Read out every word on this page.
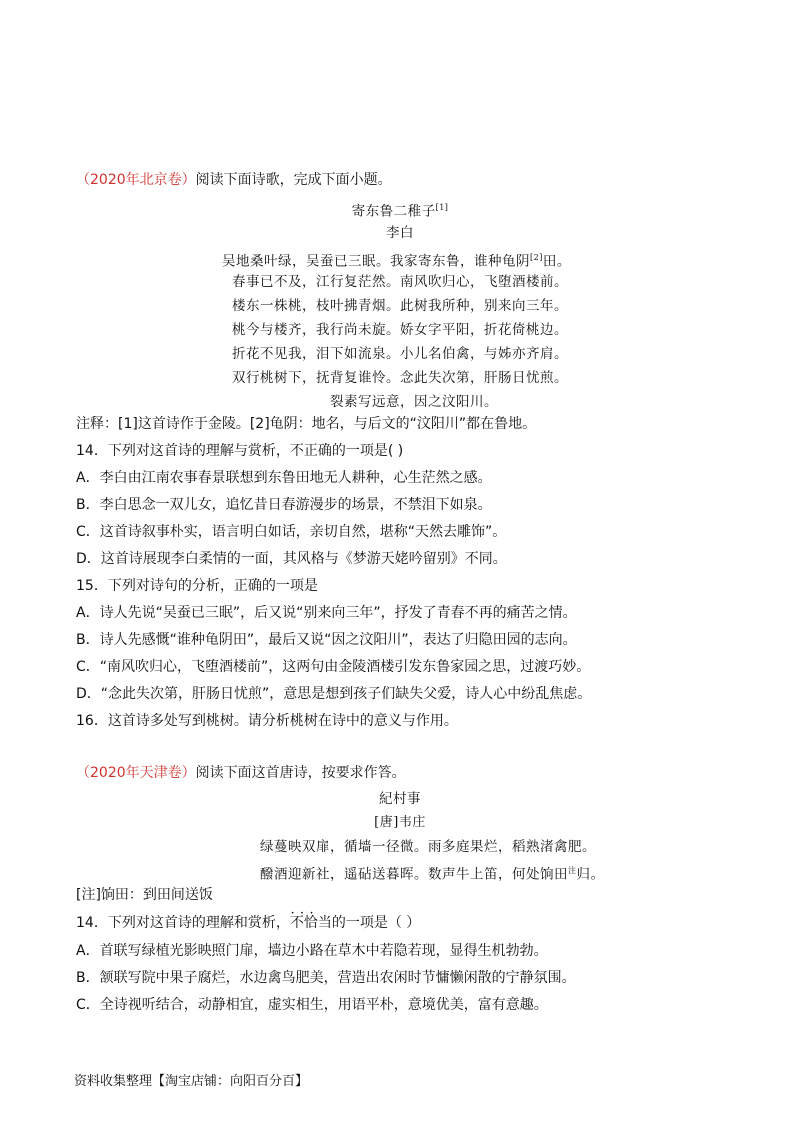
（2020年北京卷）阅读下面诗歌，完成下面小题。
寄东鲁二稚子[1]
李白
吴地桑叶绿，吴蚕已三眠。我家寄东鲁，谁种龟阴[2]田。
春事已不及，江行复茫然。南风吹归心，飞堕酒楼前。
楼东一株桃，枝叶拂青烟。此树我所种，别来向三年。
桃今与楼齐，我行尚未旋。娇女字平阳，折花倚桃边。
折花不见我，泪下如流泉。小儿名伯禽，与姊亦齐肩。
双行桃树下，抚背复谁怜。念此失次第，肝肠日忧煎。
裂素写远意，因之汶阳川。
注释：[1]这首诗作于金陵。[2]龟阴：地名，与后文的“汶阳川”都在鲁地。
14．下列对这首诗的理解与赏析，不正确的一项是( )
A．李白由江南农事春景联想到东鲁田地无人耕种，心生茫然之感。
B．李白思念一双儿女，追忆昔日春游漫步的场景，不禁泪下如泉。
C．这首诗叙事朴实，语言明白如话，亲切自然，堪称“天然去雕饰”。
D．这首诗展现李白柔情的一面，其风格与《梦游天姥吟留别》不同。
15．下列对诗句的分析，正确的一项是
A．诗人先说“吴蚕已三眠”，后又说“别来向三年”，抒发了青春不再的痛苦之情。
B．诗人先感慨“谁种龟阴田”，最后又说“因之汶阳川”，表达了归隐田园的志向。
C．“南风吹归心，飞堕酒楼前”，这两句由金陵酒楼引发东鲁家园之思，过渡巧妙。
D．“念此失次第，肝肠日忧煎”，意思是想到孩子们缺失父爱，诗人心中纷乱焦虑。
16．这首诗多处写到桃树。请分析桃树在诗中的意义与作用。
（2020年天津卷）阅读下面这首唐诗，按要求作答。
紀村事
[唐]韦庄
绿蔓映双扉，循墙一径微。雨多庭果烂，稻熟渚禽肥。
醱酒迎新社，遥砧送暮晖。数声牛上笛，何处饷田$^注$归。
[注]饷田：到田间送饭
14．下列对这首诗的理解和赏析，• • • 不恰当的一项是（ ）
A．首联写绿植光影映照门扉，墙边小路在草木中若隐若现，显得生机勃勃。
B．颔联写院中果子腐烂，水边禽鸟肥美，营造出农闲时节慵懒闲散的宁静氛围。
C．全诗视听结合，动静相宜，虚实相生，用语平朴，意境优美，富有意趣。
资料收集整理【淘宝店铺：向阳百分百】
